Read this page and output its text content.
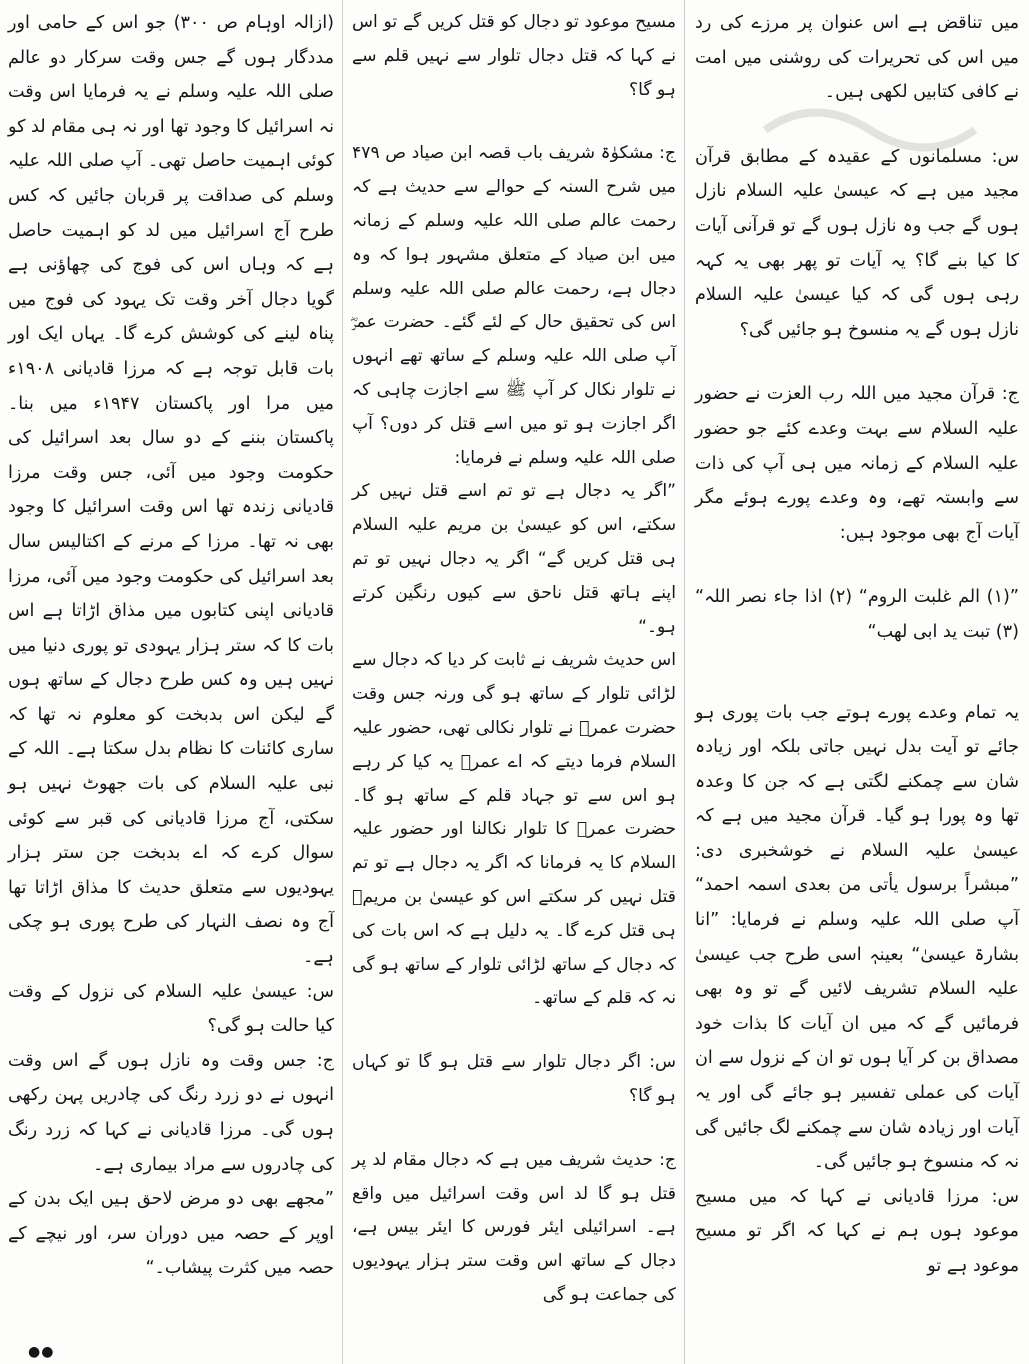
میں تناقض ہے اس عنوان پر مرزے کی رد میں اس کی تحریرات کی روشنی میں امت نے کافی کتابیں لکھی ہیں۔

س: مسلمانوں کے عقیدہ کے مطابق قرآن مجید میں ہے کہ عیسیٰ علیہ السلام نازل ہوں گے جب وہ نازل ہوں گے تو قرآنی آیات کا کیا بنے گا؟ یہ آیات تو پھر بھی یہ کہہ رہی ہوں گی کہ کیا عیسیٰ علیہ السلام نازل ہوں گے یہ منسوخ ہو جائیں گی؟

ج: قرآن مجید میں اللہ رب العزت نے حضور علیہ السلام سے بہت وعدے کئے جو حضور علیہ السلام کے زمانہ میں ہی آپ کی ذات سے وابستہ تھے، وہ وعدے پورے ہوئے مگر آیات آج بھی موجود ہیں:

”(۱) الم غلبت الروم“ (۲) اذا جاء نصر اللہ“ (۳) تبت ید ابی لھب“

یہ تمام وعدے پورے ہوتے جب بات پوری ہو جائے تو آیت بدل نہیں جاتی بلکہ اور زیادہ شان سے چمکنے لگتی ہے کہ جن کا وعدہ تھا وہ پورا ہو گیا۔ قرآن مجید میں ہے کہ عیسیٰ علیہ السلام نے خوشخبری دی: ”مبشراً برسول یأتی من بعدی اسمہ احمد“ آپ صلی اللہ علیہ وسلم نے فرمایا: ”انا بشارۃ عیسیٰ“ بعینہٖ اسی طرح جب عیسیٰ علیہ السلام تشریف لائیں گے تو وہ بھی فرمائیں گے کہ میں ان آیات کا بذات خود مصداق بن کر آیا ہوں تو ان کے نزول سے ان آیات کی عملی تفسیر ہو جائے گی اور یہ آیات اور زیادہ شان سے چمکنے لگ جائیں گی نہ کہ منسوخ ہو جائیں گی۔

س: مرزا قادیانی نے کہا کہ میں مسیح موعود ہوں ہم نے کہا کہ اگر تو مسیح موعود ہے تو

مسیح موعود تو دجال کو قتل کریں گے تو اس نے کہا کہ قتل دجال تلوار سے نہیں قلم سے ہو گا؟

ج: مشکوٰۃ شریف باب قصہ ابن صیاد ص ۴۷۹ میں شرح السنہ کے حوالے سے حدیث ہے کہ رحمت عالم صلی اللہ علیہ وسلم کے زمانہ میں ابن صیاد کے متعلق مشہور ہوا کہ وہ دجال ہے، رحمت عالم صلی اللہ علیہ وسلم اس کی تحقیق حال کے لئے گئے۔ حضرت عمرؓ آپ صلی اللہ علیہ وسلم کے ساتھ تھے انہوں نے تلوار نکال کر آپ ﷺ سے اجازت چاہی کہ اگر اجازت ہو تو میں اسے قتل کر دوں؟ آپ صلی اللہ علیہ وسلم نے فرمایا:

”اگر یہ دجال ہے تو تم اسے قتل نہیں کر سکتے، اس کو عیسیٰ بن مریم علیہ السلام ہی قتل کریں گے“ اگر یہ دجال نہیں تو تم اپنے ہاتھ قتل ناحق سے کیوں رنگین کرتے ہو۔“

اس حدیث شریف نے ثابت کر دیا کہ دجال سے لڑائی تلوار کے ساتھ ہو گی ورنہ جس وقت حضرت عمرؓ نے تلوار نکالی تھی، حضور علیہ السلام فرما دیتے کہ اے عمرؓ یہ کیا کر رہے ہو اس سے تو جہاد قلم کے ساتھ ہو گا۔ حضرت عمرؓ کا تلوار نکالنا اور حضور علیہ السلام کا یہ فرمانا کہ اگر یہ دجال ہے تو تم قتل نہیں کر سکتے اس کو عیسیٰ بن مریمؑ ہی قتل کرے گا۔ یہ دلیل ہے کہ اس بات کی کہ دجال کے ساتھ لڑائی تلوار کے ساتھ ہو گی نہ کہ قلم کے ساتھ۔

س: اگر دجال تلوار سے قتل ہو گا تو کہاں ہو گا؟

ج: حدیث شریف میں ہے کہ دجال مقام لد پر قتل ہو گا لد اس وقت اسرائیل میں واقع ہے۔ اسرائیلی ایئر فورس کا ایئر بیس ہے، دجال کے ساتھ اس وقت ستر ہزار یہودیوں کی جماعت ہو گی

(ازالہ اوہام ص ۳۰۰) جو اس کے حامی اور مددگار ہوں گے جس وقت سرکار دو عالم صلی اللہ علیہ وسلم نے یہ فرمایا اس وقت نہ اسرائیل کا وجود تھا اور نہ ہی مقام لد کو کوئی اہمیت حاصل تھی۔ آپ صلی اللہ علیہ وسلم کی صداقت پر قربان جائیں کہ کس طرح آج اسرائیل میں لد کو اہمیت حاصل ہے کہ وہاں اس کی فوج کی چھاؤنی ہے گویا دجال آخر وقت تک یہود کی فوج میں پناہ لینے کی کوشش کرے گا۔ یہاں ایک اور بات قابل توجہ ہے کہ مرزا قادیانی ۱۹۰۸ء میں مرا اور پاکستان ۱۹۴۷ء میں بنا۔ پاکستان بننے کے دو سال بعد اسرائیل کی حکومت وجود میں آئی، جس وقت مرزا قادیانی زندہ تھا اس وقت اسرائیل کا وجود بھی نہ تھا۔ مرزا کے مرنے کے اکتالیس سال بعد اسرائیل کی حکومت وجود میں آئی، مرزا قادیانی اپنی کتابوں میں مذاق اڑاتا ہے اس بات کا کہ ستر ہزار یہودی تو پوری دنیا میں نہیں ہیں وہ کس طرح دجال کے ساتھ ہوں گے لیکن اس بدبخت کو معلوم نہ تھا کہ ساری کائنات کا نظام بدل سکتا ہے۔ اللہ کے نبی علیہ السلام کی بات جھوٹ نہیں ہو سکتی، آج مرزا قادیانی کی قبر سے کوئی سوال کرے کہ اے بدبخت جن ستر ہزار یہودیوں سے متعلق حدیث کا مذاق اڑاتا تھا آج وہ نصف النہار کی طرح پوری ہو چکی ہے۔

س: عیسیٰ علیہ السلام کی نزول کے وقت کیا حالت ہو گی؟

ج: جس وقت وہ نازل ہوں گے اس وقت انہوں نے دو زرد رنگ کی چادریں پہن رکھی ہوں گی۔ مرزا قادیانی نے کہا کہ زرد رنگ کی چادروں سے مراد بیماری ہے۔

”مجھے بھی دو مرض لاحق ہیں ایک بدن کے اوپر کے حصہ میں دوران سر، اور نیچے کے حصہ میں کثرت پیشاب۔“

●●
